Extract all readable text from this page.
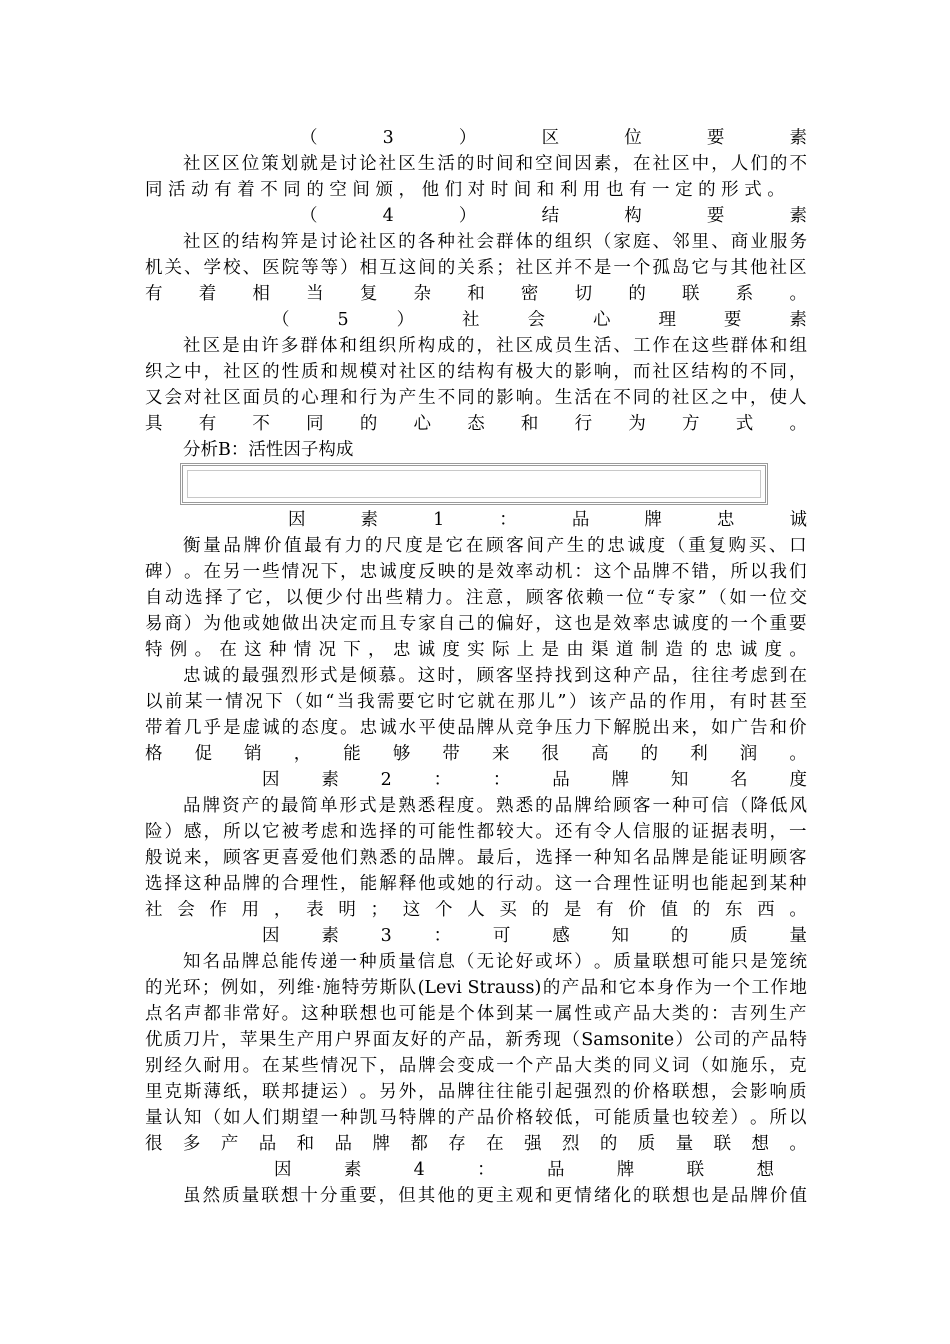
（	3	）	区	位	要	素
社 区 区 位 策 划 就 是 讨 论 社 区 生 活 的 时 间 和 空 间 因 素 ， 在 社 区 中 ， 人 们 的 不
同 活 动 有 着 不 同 的 空 间 颁 ， 他 们 对 时 间 和 利 用 也 有 一 定 的 形 式 。
（	4	）	结	构	要	素
社 区 的 结 构 笄 是 讨 论 社 区 的 各 种 社 会 群 体 的 组 织 （ 家 庭 、 邻 里 、 商 业 服 务
机 关 、 学 校 、 医 院 等 等 ） 相 互 这 间 的 关 系 ； 社 区 并 不 是 一 个 孤 岛 它 与 其 他 社 区
有 着 相 当 复 杂 和 密 切 的 联 系 。
（	5	）	社	会	心	理	要	素
社 区 是 由 许 多 群 体 和 组 织 所 构 成 的 ， 社 区 成 员 生 活 、 工 作 在 这 些 群 体 和 组
织 之 中 ， 社 区 的 性 质 和 规 模 对 社 区 的 结 构 有 极 大 的 影 响 ， 而 社 区 结 构 的 不 同 ，
又 会 对 社 区 面 员 的 心 理 和 行 为 产 生 不 同 的 影 响 。 生 活 在 不 同 的 社 区 之 中 ， 使 人
具 有 不 同 的 心 态 和 行 为 方 式 。
分析B：活性因子构成
因	素	1	：	品	牌	忠	诚
衡 量 品 牌 价 值 最 有 力 的 尺 度 是 它 在 顾 客 间 产 生 的 忠 诚 度 （ 重 复 购 买 、 口
碑 ） 。 在 另 一 些 情 况 下 ， 忠 诚 度 反 映 的 是 效 率 动 机 ： 这 个 品 牌 不 错 ， 所 以 我 们
自 动 选 择 了 它 ， 以 便 少 付 出 些 精 力 。 注 意 ， 顾 客 依 赖 一 位 “ 专 家 ” （ 如 一 位 交
易 商 ） 为 他 或 她 做 出 决 定 而 且 专 家 自 己 的 偏 好 ， 这 也 是 效 率 忠 诚 度 的 一 个 重 要
特 例 。 在 这 种 情 况 下 ， 忠 诚 度 实 际 上 是 由 渠 道 制 造 的 忠 诚 度 。
忠 诚 的 最 强 烈 形 式 是 倾 慕 。 这 时 ， 顾 客 坚 持 找 到 这 种 产 品 ， 往 往 考 虑 到 在
以 前 某 一 情 况 下 （ 如 “ 当 我 需 要 它 时 它 就 在 那 儿 ” ） 该 产 品 的 作 用 ， 有 时 甚 至
带 着 几 乎 是 虚 诚 的 态 度 。 忠 诚 水 平 使 品 牌 从 竞 争 压 力 下 解 脱 出 来 ， 如 广 告 和 价
格 促 销 ， 能 够 带 来 很 高 的 利 润 。
因 素 2 ： ： 品 牌 知 名 度
品 牌 资 产 的 最 简 单 形 式 是 熟 悉 程 度 。 熟 悉 的 品 牌 给 顾 客 一 种 可 信 （ 降 低 风
险 ） 感 ， 所 以 它 被 考 虑 和 选 择 的 可 能 性 都 较 大 。 还 有 令 人 信 服 的 证 据 表 明 ， 一
般 说 来 ， 顾 客 更 喜 爱 他 们 熟 悉 的 品 牌 。 最 后 ， 选 择 一 种 知 名 品 牌 是 能 证 明 顾 客
选 择 这 种 品 牌 的 合 理 性 ， 能 解 释 他 或 她 的 行 动 。 这 一 合 理 性 证 明 也 能 起 到 某 种
社 会 作 用 ， 表 明 ； 这 个 人 买 的 是 有 价 值 的 东 西 。
因 素 3 ： 可 感 知 的 质 量
知 名 品 牌 总 能 传 递 一 种 质 量 信 息 （ 无 论 好 或 坏 ） 。 质 量 联 想 可 能 只 是 笼 统
的 光 环 ； 例 如 ， 列 维 · 施 特 劳 斯 队 (Levi Strauss) 的 产 品 和 它 本 身 作 为 一 个 工 作 地
点 名 声 都 非 常 好 。 这 种 联 想 也 可 能 是 个 体 到 某 一 属 性 或 产 品 大 类 的 ： 吉 列 生 产
优 质 刀 片 ， 苹 果 生 产 用 户 界 面 友 好 的 产 品 ， 新 秀 现 （ Samsonite ） 公 司 的 产 品 特
别 经 久 耐 用 。 在 某 些 情 况 下 ， 品 牌 会 变 成 一 个 产 品 大 类 的 同 义 词 （ 如 施 乐 ， 克
里 克 斯 薄 纸 ， 联 邦 捷 运 ） 。 另 外 ， 品 牌 往 往 能 引 起 强 烈 的 价 格 联 想 ， 会 影 响 质
量 认 知 （ 如 人 们 期 望 一 种 凯 马 特 牌 的 产 品 价 格 较 低 ， 可 能 质 量 也 较 差 ） 。 所 以
很 多 产 品 和 品 牌 都 存 在 强 烈 的 质 量 联 想 。
因	素	4	：	品	牌	联	想
虽 然 质 量 联 想 十 分 重 要 ， 但 其 他 的 更 主 观 和 更 情 绪 化 的 联 想 也 是 品 牌 价 值
